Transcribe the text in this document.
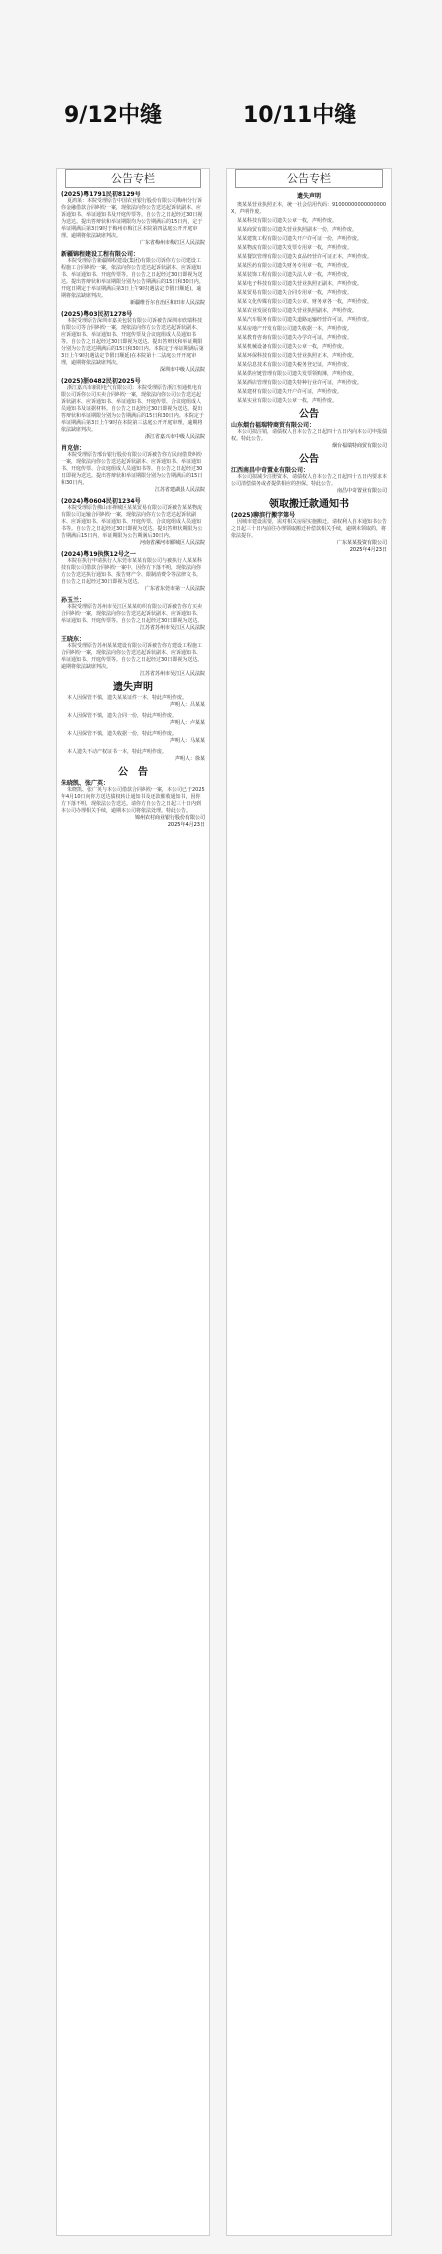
9/12中缝	10/11中缝
公告专栏
(2025)粤1791民初8129号
夏鸿莱：本院受理原告中国农业银行股份有限公司梅州分行诉你金融借款合同纠纷一案，现依法向你公告送达起诉状副本、应诉通知书、举证通知书及开庭传票等。自公告之日起经过30日视为送达。提出答辩状和举证期限均为公告期满后的15日内，定于举证期满后第3日9时于梅州市梅江区本院第四法庭公开开庭审理。逾期将依法缺席判决。
广东省梅州市梅江区人民法院
新疆锦程建设工程有限公司：
本院受理原告新疆锦程建设(集团)有限公司诉你方公司建设工程施工合同纠纷一案，依法向你公告送达起诉状副本、应诉通知书、举证通知书、开庭传票等。自公告之日起经过30日即视为送达。提出答辩状和举证期限分别为公告期满后的15日和30日内。开庭日期定于举证期满后第3日上午9时(遇法定节假日顺延)，逾期将依法缺席判决。
新疆维吾尔自治区和田市人民法院
(2025)粤03民初1278号
本院受理原告深圳市嘉美包装有限公司诉被告深圳市欣瑞科技有限公司等合同纠纷一案，现依法向你方公告送达起诉状副本、应诉通知书、举证通知书、开庭传票及合议庭组成人员通知书等。自公告之日起经过30日即视为送达。提出答辩状和举证期限分别为公告送达期满后的15日和30日内。本院定于举证期满后第3日上午9时(遇法定节假日顺延)在本院第十二法庭公开开庭审理，逾期将依法缺席判决。
深圳市中级人民法院
(2025)浙0482民初2025号
浙江嘉兴市新阳电气有限公司：本院受理原告浙江恒通机电有限公司诉你公司买卖合同纠纷一案，现依法向你公司公告送达起诉状副本、应诉通知书、举证通知书、开庭传票、合议庭组成人员通知书及证据材料。自公告之日起经过30日即视为送达。提出答辩状和举证期限分别为公告期满后的15日和30日内。本院定于举证期满后第3日上午9时在本院第三法庭公开开庭审理，逾期将依法缺席判决。
浙江省嘉兴市中级人民法院
肖克信：
本院受理原告邢台银行股份有限公司诉被告你方民间借贷纠纷一案，现依法向你公告送达起诉状副本、应诉通知书、举证通知书、开庭传票、合议庭组成人员通知书等。自公告之日起经过30日即视为送达。提出答辩状和举证期限分别为公告期满后的15日和30日内。
江苏省建湖县人民法院
(2024)粤0604民初1234号
本院受理原告佛山市禅城区某某贸易有限公司诉被告某某物流有限公司运输合同纠纷一案，现依法向你方公告送达起诉状副本、应诉通知书、举证通知书、开庭传票、合议庭组成人员通知书等。自公告之日起经过30日即视为送达。提出答辩状期限为公告期满后15日内，举证期限为公告期满后30日内。
河南省漯河市郾城区人民法院
(2024)粤19执恢12号之一
本院在执行申请执行人东莞市某某有限公司与被执行人某某科技有限公司借款合同纠纷一案中，因你方下落不明，现依法向你方公告送达执行通知书、报告财产令、限制消费令等法律文书。自公告之日起经过30日即视为送达。
广东省东莞市第一人民法院
孙玉兰：
本院受理原告苏州市吴江区某某纺织有限公司诉被告你方买卖合同纠纷一案，现依法向你公告送达起诉状副本、应诉通知书、举证通知书、开庭传票等。自公告之日起经过30日即视为送达。
江苏省苏州市吴江区人民法院
王晓东：
本院受理原告苏州某某建设有限公司诉被告你方建设工程施工合同纠纷一案，现依法向你公告送达起诉状副本、应诉通知书、举证通知书、开庭传票等。自公告之日起经过30日即视为送达。逾期将依法缺席判决。
江苏省苏州市吴江区人民法院
遗失声明
本人因保管不慎，遗失某某证件一本，特此声明作废。
声明人：吕某某
本人因保管不慎，遗失合同一份，特此声明作废。
声明人：卢某某
本人因保管不慎，遗失收据一份，特此声明作废。
声明人：马某某
本人遗失不动产权证书一本，特此声明作废。
声明人：徐某
公　告
朱晓凯、张广英：
朱晓凯、张广英与本公司借款合同纠纷一案，本公司已于2025年4月10日向你方送达债权转让通知书及还款催收通知书，因你方下落不明，现依法公告送达。请你方自公告之日起三十日内到本公司办理相关手续，逾期本公司将依法处理。特此公告。
锦州农村商业银行股份有限公司
2025年4月23日
公告专栏
遗失声明
奥某某营业执照正本，统一社会信用代码：91000000000000000X，声明作废。
某某科技有限公司遗失公章一枚，声明作废。
某某商贸有限公司遗失营业执照副本一份，声明作废。
某某建筑工程有限公司遗失开户许可证一份，声明作废。
某某物流有限公司遗失发票专用章一枚，声明作废。
某某餐饮管理有限公司遗失食品经营许可证正本，声明作废。
某某医药有限公司遗失财务专用章一枚，声明作废。
某某装饰工程有限公司遗失法人章一枚，声明作废。
某某电子科技有限公司遗失营业执照正副本，声明作废。
某某贸易有限公司遗失合同专用章一枚，声明作废。
某某文化传媒有限公司遗失公章、财务章各一枚，声明作废。
某某农业发展有限公司遗失营业执照副本，声明作废。
某某汽车服务有限公司遗失道路运输经营许可证，声明作废。
某某房地产开发有限公司遗失收据一本，声明作废。
某某教育咨询有限公司遗失办学许可证，声明作废。
某某机械设备有限公司遗失公章一枚，声明作废。
某某环保科技有限公司遗失营业执照正本，声明作废。
某某信息技术有限公司遗失税务登记证，声明作废。
某某供应链管理有限公司遗失发票领购簿，声明作废。
某某酒店管理有限公司遗失特种行业许可证，声明作废。
某某建材有限公司遗失开户许可证，声明作废。
某某实业有限公司遗失公章一枚，声明作废。
公告
山东烟台福瑞特商贸有限公司：
本公司拟注销，请债权人自本公告之日起四十五日内向本公司申报债权。特此公告。
烟台福瑞特商贸有限公司
公告
江西南昌中奇置业有限公司：
本公司拟减少注册资本，请债权人自本公告之日起四十五日内要求本公司清偿债务或者提供相应的担保。特此公告。
南昌中奇置业有限公司
领取搬迁款通知书
(2025)聊滨行搬字第号
因城市建设需要，需对相关房屋实施搬迁。请权利人自本通知书公告之日起三十日内前往办理领取搬迁补偿款相关手续，逾期未领取的，将依法提存。
广东某某投资有限公司
2025年4月23日
